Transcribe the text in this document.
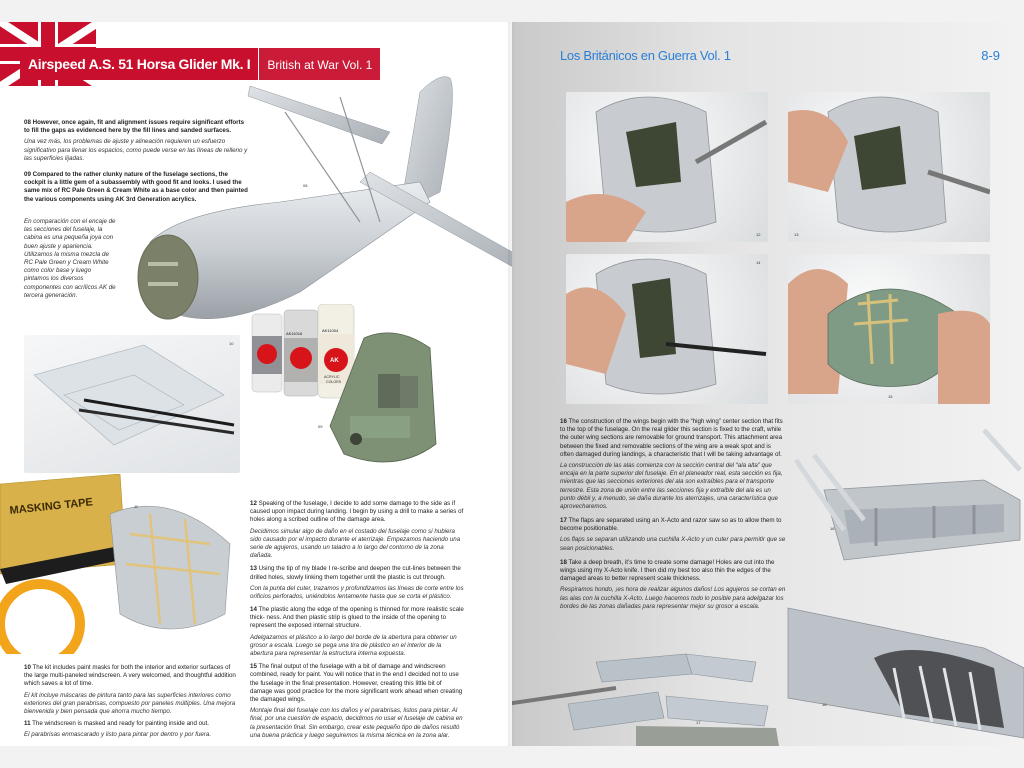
Airspeed A.S. 51 Horsa Glider Mk. I	British at War Vol. 1
08

08 However, once again, fit and alignment issues require significant efforts to fill the gaps as evidenced here by the fill lines and sanded surfaces.

Una vez más, los problemas de ajuste y alineación requieren un esfuerzo significativo para llenar los espacios, como puede verse en las líneas de relleno y las superficies lijadas.

09 Compared to the rather clunky nature of the fuselage sections, the cockpit is a little gem of a subassembly with good fit and looks. I used the same mix of RC Pale Green & Cream White as a base color and then painted the various components using AK 3rd Generation acrylics.

En comparación con el encaje de las secciones del fuselaje, la cabina es una pequeña joya con buen ajuste y apariencia. Utilizamos la misma mezcla de RC Pale Green y Cream White como color base y luego pintamos los diversos componentes con acrílicos AK de tercera generación.
10
AK11016
AK
AK11004
ACRYLIC
COLORS
09
MASKING TAPE	11	12 Speaking of the fuselage, I decide to add some damage to the side as if caused upon impact during landing. I begin by using a drill to make a series of holes along a scribed outline of the damage area.

Decidimos simular algo de daño en el costado del fuselaje como si hubiera sido causado por el impacto durante el aterrizaje. Empezamos haciendo una serie de agujeros, usando un taladro a lo largo del contorno de la zona dañada.

13 Using the tip of my blade I re-scribe and deepen the cut-lines between the drilled holes, slowly linking them together until the plastic is cut through.

Con la punta del cuter, trazamos y profundizamos las líneas de corte entre los orificios perforados, uniéndolos lentamente hasta que se corta el plástico.

14 The plastic along the edge of the opening is thinned for more realistic scale thick- ness. And then plastic strip is glued to the inside of the opening to represent the exposed internal structure.

Adelgazamos el plástico a lo largo del borde de la abertura para obtener un grosor a escala. Luego se pega una tira de plástico en el interior de la abertura para representar la estructura interna expuesta.

15 The final output of the fuselage with a bit of damage and windscreen combined, ready for paint. You will notice that in the end I decided not to use the fuselage in the final presentation. However, creating this little bit of damage was good practice for the more significant work ahead when creating the damaged wings.

Montaje final del fuselaje con los daños y el parabrisas, listos para pintar. Al final, por una cuestión de espacio, decidimos no usar el fuselaje de cabina en la presentación final. Sin embargo, crear este pequeño tipo de daños resultó una buena práctica y luego seguiremos la misma técnica en la zona alar.

10 The kit includes paint masks for both the interior and exterior surfaces of the large multi-paneled windscreen. A very welcomed, and thoughtful addition which saves a lot of time.

El kit incluye máscaras de pintura tanto para las superficies interiores como exteriores del gran parabrisas, compuesto por paneles múltiples. Una mejora bienvenida y bien pensada que ahorra mucho tiempo.

11 The windscreen is masked and ready for painting inside and out.

El parabrisas enmascarado y listo para pintar por dentro y por fuera.

Los Británicos en Guerra Vol. 1	8-9
12	13
14
15
16
17
18

16 The construction of the wings begin with the “high wing” center section that fits to the top of the fuselage. On the real glider this section is fixed to the craft, while the outer wing sections are removable for ground transport. This attachment area between the fixed and removable sections of the wing are a weak spot and is often damaged during landings, a characteristic that I will be taking advantage of.

La construcción de las alas comienza con la sección central del “ala alta” que encaja en la parte superior del fuselaje. En el planeador real, esta sección es fija, mientras que las secciones exteriores del ala son extraíbles para el transporte terrestre. Esta zona de unión entre las secciones fija y extraíble del ala es un punto débil y, a menudo, se daña durante los aterrizajes, una característica que aprovecharemos.

17 The flaps are separated using an X-Acto and razor saw so as to allow them to become positionable.

Los flaps se separan utilizando una cuchilla X-Acto y un cuter para permitir que se sean posicionables.

18 Take a deep breath, it’s time to create some damage! Holes are cut into the wings using my X-Acto knife. I then did my best too also thin the edges of the damaged areas to better represent scale thickness.

Respiramos hondo, ¡es hora de realizar algunos daños! Los agujeros se cortan en las alas con la cuchilla X-Acto. Luego hacemos todo lo posible para adelgazar los bordes de las zonas dañadas para representar mejor su grosor a escala.
